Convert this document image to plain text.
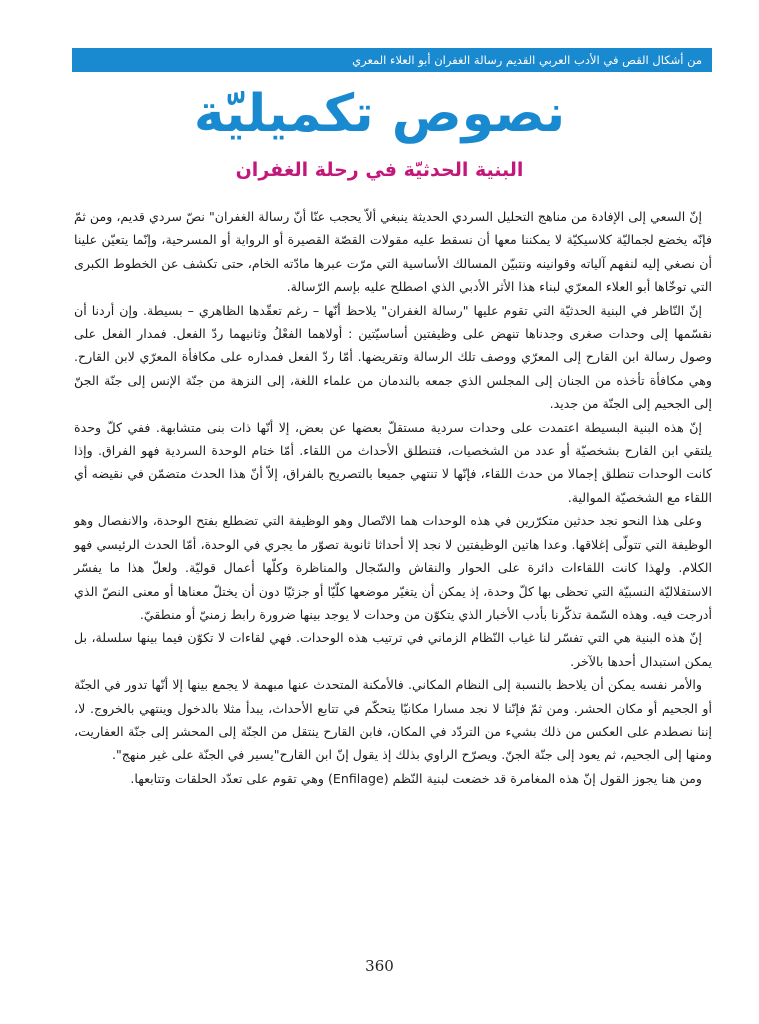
من أشكال القص في الأدب العربي القديم رسالة الغفران أبو العلاء المعري
نصوص تكميليّة
البنية الحدثيّة في رحلة الغفران

إنّ السعي إلى الإفادة من مناهج التحليل السردي الحديثة ينبغي ألاّ يحجب عنّا أنّ رسالة الغفران" نصّ سردي قديم، ومن ثمّ فإنّه يخضع لجماليّة كلاسيكيّة لا يمكننا معها أن نسقط عليه مقولات القصّة القصيرة أو الرواية أو المسرحية، وإنّما يتعيّن علينا أن نصغي إليه لنفهم آلياته وقوانينه ونتبيّن المسالك الأساسية التي مرّت عبرها مادّته الخام، حتى تكشف عن الخطوط الكبرى التي توخّاها أبو العلاء المعرّي لبناء هذا الأثر الأدبي الذي اصطلح عليه بإسم الرّسالة.

إنّ النّاظر في البنية الحدثيّة التي تقوم عليها "رسالة الغفران" يلاحظ أنّها – رغم تعقّدها الظاهري – بسيطة. وإن أردنا أن نقسّمها إلى وحدات صغرى وجدناها تنهض على وظيفتين أساسيّتين : أولاهما الفعْلُ وثانيهما ردّ الفعل. فمدار الفعل على وصول رسالة ابن القارح إلى المعرّي ووصف تلك الرسالة وتقريضها. أمّا ردّ الفعل فمداره على مكافأة المعرّي لابن القارح. وهي مكافأة تأخذه من الجنان إلى المجلس الذي جمعه بالندمان من علماء اللغة، إلى النزهة من جنّة الإنس إلى جنّة الجنّ إلى الجحيم إلى الجنّة من جديد.

إنّ هذه البنية البسيطة اعتمدت على وحدات سردية مستقلّ بعضها عن بعض، إلا أنّها ذات بنى متشابهة. ففي كلّ وحدة يلتقي ابن القارح بشخصيّة أو عدد من الشخصيات، فتنطلق الأحداث من اللقاء. أمّا ختام الوحدة السردية فهو الفراق. وإذا كانت الوحدات تنطلق إجمالا من حدث اللقاء، فإنّها لا تنتهي جميعا بالتصريح بالفراق، إلاّ أنّ هذا الحدث متضمّن في نقيضه أي اللقاء مع الشخصيّة الموالية.

وعلى هذا النحو نجد حدثين متكرّرين في هذه الوحدات هما الاتّصال وهو الوظيفة التي تضطلع بفتح الوحدة، والانفصال وهو الوظيفة التي تتولّى إغلاقها. وعدا هاتين الوظيفتين لا نجد إلا أحداثا ثانوية تصوّر ما يجري في الوحدة، أمّا الحدث الرئيسي فهو الكلام. ولهذا كانت اللقاءات دائرة على الحوار والنقاش والسّجال والمناظرة وكلّها أعمال قوليّة. ولعلّ هذا ما يفسّر الاستقلاليّة النسبيّة التي تحظى بها كلّ وحدة، إذ يمكن أن يتغيّر موضعها كلّيّا أو جزئيّا دون أن يختلّ معناها أو معنى النصّ الذي أدرجت فيه. وهذه السّمة تذكّرنا بأدب الأخبار الذي يتكوّن من وحدات لا يوجد بينها ضرورة رابط زمنيّ أو منطقيّ.

إنّ هذه البنية هي التي تفسّر لنا غياب النّظام الزماني في ترتيب هذه الوحدات. فهي لقاءات لا تكوّن فيما بينها سلسلة، بل يمكن استبدال أحدها بالآخر.

والأمر نفسه يمكن أن يلاحظ بالنسبة إلى النظام المكاني. فالأمكنة المتحدث عنها مبهمة لا يجمع بينها إلا أنّها تدور في الجنّة أو الجحيم أو مكان الحشر. ومن ثمّ فإنّنا لا نجد مسارا مكانيّا يتحكّم في تتابع الأحداث، يبدأ مثلا بالدخول وينتهي بالخروج. لا، إننا نصطدم على العكس من ذلك بشيء من التردّد في المكان، فابن القارح ينتقل من الجنّة إلى المحشر إلى جنّة العفاريت، ومنها إلى الجحيم، ثم يعود إلى جنّة الجنّ. ويصرّح الراوي بذلك إذ يقول إنّ ابن القارح"يسير في الجنّة على غير منهج".

ومن هنا يجوز القول إنّ هذه المغامرة قد خضعت لبنية النّظم (Enfilage) وهي تقوم على تعدّد الحلقات وتتابعها.

360
